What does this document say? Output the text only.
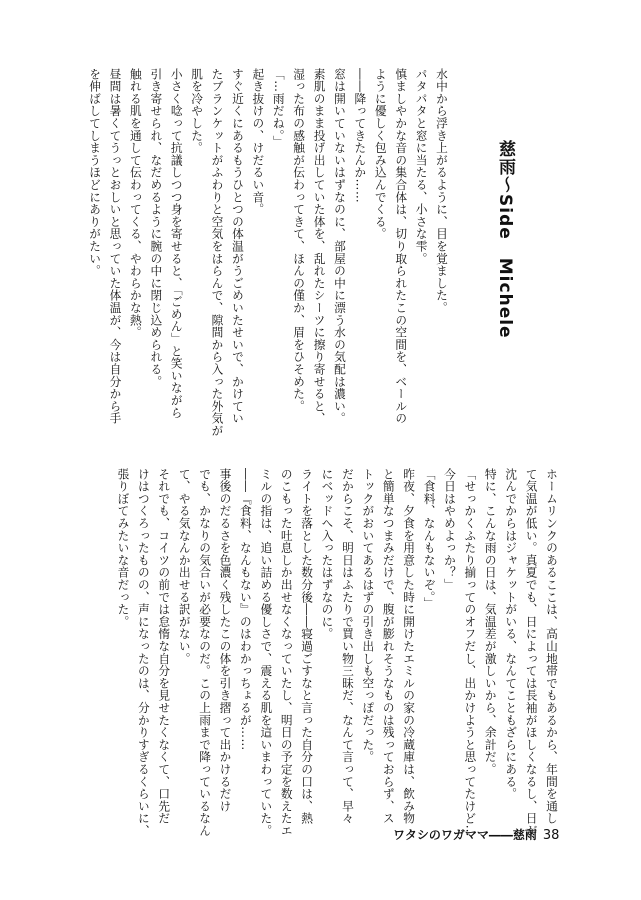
慈雨〜Side　Michele

水中から浮き上がるように、目を覚ました。

パタパタと窓に当たる、小さな雫。

慎ましやかな音の集合体は、切り取られたこの空間を、ベールの

ように優しく包み込んでくる。

――降ってきたんか……

窓は開いていないはずなのに、部屋の中に漂う水の気配は濃い。

素肌のまま投げ出していた体を、乱れたシーツに擦り寄せると、

湿った布の感触が伝わってきて、ほんの僅か、眉をひそめた。

「…雨だね。」

起き抜けの、けだるい音。

すぐ近くにあるもうひとつの体温がうごめいたせいで、かけてい

たブランケットがふわりと空気をはらんで、隙間から入った外気が

肌を冷やした。

小さく唸って抗議しつつ身を寄せると、「ごめん」と笑いながら

引き寄せられ、なだめるように腕の中に閉じ込められる。

触れる肌を通して伝わってくる、やわらかな熱。

昼間は暑くてうっとおしいと思っていた体温が、今は自分から手

を伸ばしてしまうほどにありがたい。

ホームリンクのあるここは、高山地帯でもあるから、年間を通し

て気温が低い。真夏でも、日によっては長袖がほしくなるし、日が

沈んでからはジャケットがいる、なんてこともざらにある。

特に、こんな雨の日は、気温差が激しいから、余計だ。

「せっかくふたり揃ってのオフだし、出かけようと思ってたけど…

今日はやめよっか？」

「食料、なんもないぞ。」

昨夜、夕食を用意した時に開けたエミルの家の冷蔵庫は、飲み物

と簡単なつまみだけで、腹が膨れそうなものは残っておらず、ス

トックがおいてあるはずの引き出しも空っぽだった。

だからこそ、明日はふたりで買い物三昧だ、なんて言って、早々

にベッドへ入ったはずなのに。

ライトを落とした数分後――寝過ごすなと言った自分の口は、熱

のこもった吐息しか出せなくなっていたし、明日の予定を数えたエ

ミルの指は、追い詰める優しさで、震える肌を這いまわっていた。

――『食料、なんもない』のはわかっちょるが……

事後のだるさを色濃く残したこの体を引き摺って出かけるだけ

でも、かなりの気合いが必要なのだ。この上雨まで降っているなん

て、やる気なんか出せる訳がない。

それでも、コイツの前では怠惰な自分を見せたくなくて、口先だ

けはつくろったものの、声になったのは、分かりすぎるくらいに、

張りぼてみたいな音だった。

ワタシのワガママ――慈雨 38
